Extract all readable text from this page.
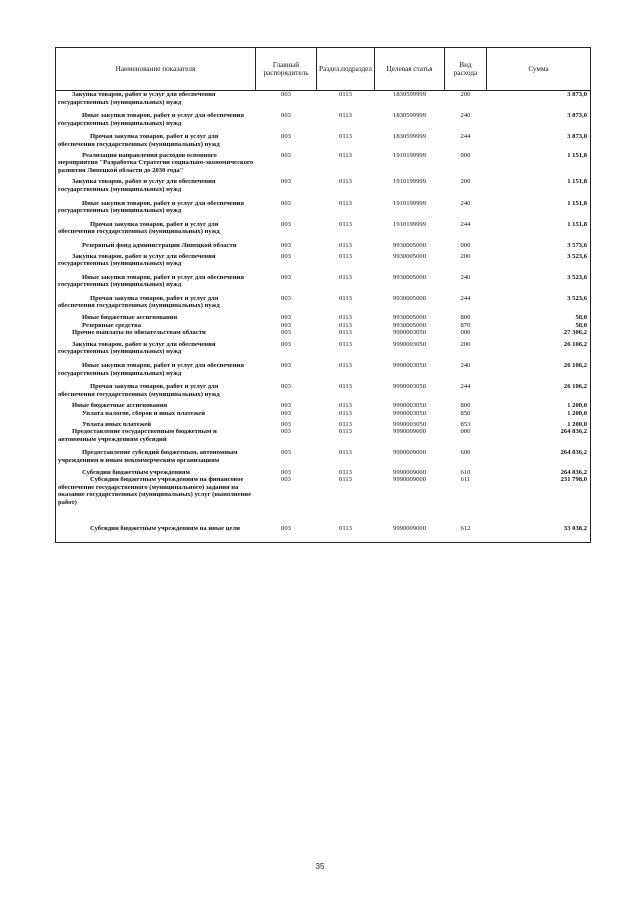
Наименование показателя	Главный распорядитель	Раздел,подраздел	Целевая статья	Вид расхода	Сумма
Закупка товаров, работ и услуг для обеспечения государственных (муниципальных) нужд	003	0113	1830599999	200	3 873,0
Иные закупки товаров, работ и услуг для обеспечения государственных (муниципальных) нужд	003	0113	1830599999	240	3 873,0
Прочая закупка товаров, работ и услуг для обеспечения государственных (муниципальных) нужд	003	0113	1830599999	244	3 873,0
Реализация направления расходов основного мероприятия "Разработка Стратегии социально-экономического развития Липецкой области до 2030 года"	003	0113	1910199999	000	1 151,8
Закупка товаров, работ и услуг для обеспечения государственных (муниципальных) нужд	003	0113	1910199999	200	1 151,8
Иные закупки товаров, работ и услуг для обеспечения государственных (муниципальных) нужд	003	0113	1910199999	240	1 151,8
Прочая закупка товаров, работ и услуг для обеспечения государственных (муниципальных) нужд	003	0113	1910199999	244	1 151,8
Резервный фонд администрации Липецкой области	003	0113	9930005000	000	3 573,6
Закупка товаров, работ и услуг для обеспечения государственных (муниципальных) нужд	003	0113	9930005000	200	3 523,6
Иные закупки товаров, работ и услуг для обеспечения государственных (муниципальных) нужд	003	0113	9930005000	240	3 523,6
Прочая закупка товаров, работ и услуг для обеспечения государственных (муниципальных) нужд	003	0113	9930005000	244	3 523,6
Иные бюджетные ассигнования	003	0113	9930005000	800	50,0
Резервные средства	003	0113	9930005000	870	50,0
Прочие выплаты по обязательствам области	003	0113	9990003050	000	27 306,2
Закупка товаров, работ и услуг для обеспечения государственных (муниципальных) нужд	003	0113	9990003050	200	26 106,2
Иные закупки товаров, работ и услуг для обеспечения государственных (муниципальных) нужд	003	0113	9990003050	240	26 106,2
Прочая закупка товаров, работ и услуг для обеспечения государственных (муниципальных) нужд	003	0113	9990003050	244	26 106,2
Иные бюджетные ассигнования	003	0113	9990003050	800	1 200,0
Уплата налогов, сборов и иных платежей	003	0113	9990003050	850	1 200,0
Уплата иных платежей	003	0113	9990003050	853	1 200,0
Предоставление государственным бюджетным и автономным учреждениям субсидий	003	0113	9990009000	000	264 836,2
Предоставление субсидий бюджетным, автономным учреждениям и иным некоммерческим организациям	003	0113	9990009000	600	264 836,2
Субсидии бюджетным учреждениям	003	0113	9990009000	610	264 836,2
Субсидии бюджетным учреждениям на финансовое обеспечение государственного (муниципального) задания на оказание государственных (муниципальных) услуг (выполнение работ)	003	0113	9990009000	611	231 798,0
Субсидии бюджетным учреждениям на иные цели	003	0113	9990009000	612	33 038,2
35
